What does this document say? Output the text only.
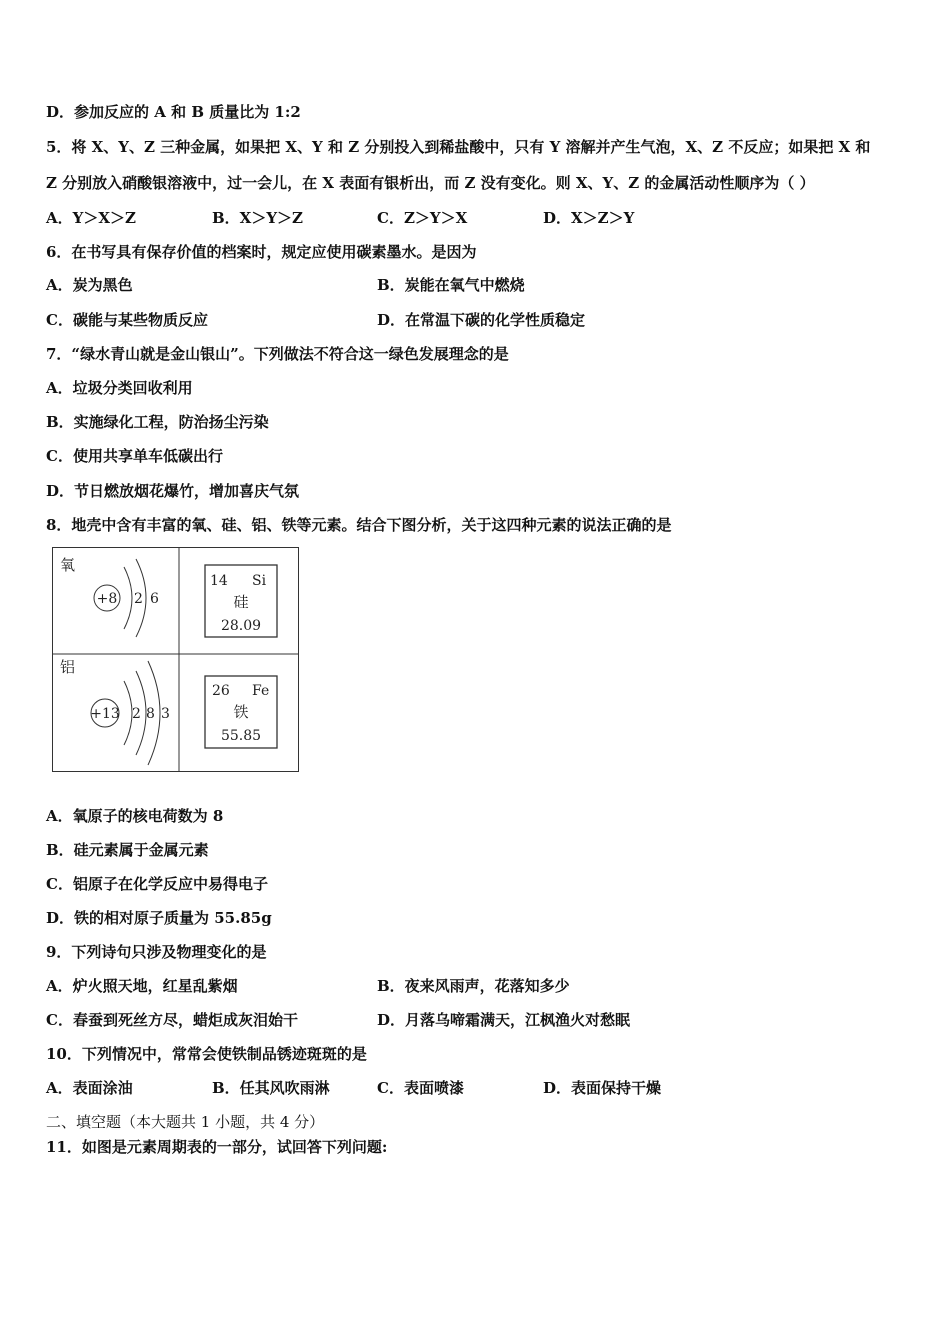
D．参加反应的 A 和 B 质量比为 1:2
5．将 X、Y、Z 三种金属，如果把 X、Y 和 Z 分别投入到稀盐酸中，只有 Y 溶解并产生气泡，X、Z 不反应；如果把 X 和
Z 分别放入硝酸银溶液中，过一会儿，在 X 表面有银析出，而 Z 没有变化。则 X、Y、Z 的金属活动性顺序为（ ）
A．Y＞X＞Z	B．X＞Y＞Z	C．Z＞Y＞X	D．X＞Z＞Y
6．在书写具有保存价值的档案时，规定应使用碳素墨水。是因为
A．炭为黑色	B．炭能在氧气中燃烧
C．碳能与某些物质反应	D．在常温下碳的化学性质稳定
7．“绿水青山就是金山银山”。下列做法不符合这一绿色发展理念的是
A．垃圾分类回收利用
B．实施绿化工程，防治扬尘污染
C．使用共享单车低碳出行
D．节日燃放烟花爆竹，增加喜庆气氛
8．地壳中含有丰富的氧、硅、铝、铁等元素。结合下图分析，关于这四种元素的说法正确的是
氧
+8 2 6
14 Si
硅
28.09
铝
+13 2 8 3
26 Fe
铁
55.85
A．氧原子的核电荷数为 8
B．硅元素属于金属元素
C．铝原子在化学反应中易得电子
D．铁的相对原子质量为 55.85g
9．下列诗句只涉及物理变化的是
A．炉火照天地，红星乱紫烟	B．夜来风雨声，花落知多少
C．春蚕到死丝方尽，蜡炬成灰泪始干	D．月落乌啼霜满天，江枫渔火对愁眠
10．下列情况中，常常会使铁制品锈迹斑斑的是
A．表面涂油	B．任其风吹雨淋	C．表面喷漆	D．表面保持干燥
二、填空题（本大题共 1 小题，共 4 分）
11．如图是元素周期表的一部分，试回答下列问题:
